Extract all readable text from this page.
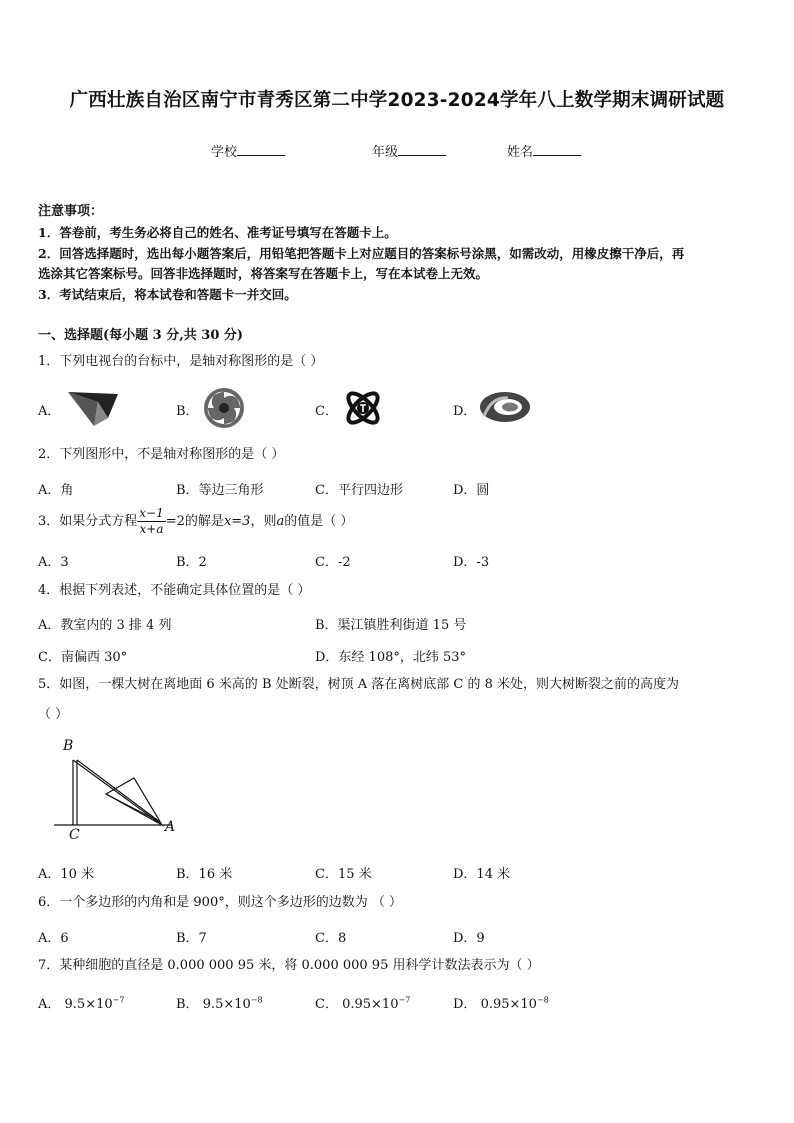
广西壮族自治区南宁市青秀区第二中学2023-2024学年八上数学期末调研试题
学校	年级	姓名
注意事项：
1．答卷前，考生务必将自己的姓名、准考证号填写在答题卡上。
2．回答选择题时，选出每小题答案后，用铅笔把答题卡上对应题目的答案标号涂黑，如需改动，用橡皮擦干净后，再
选涂其它答案标号。回答非选择题时，将答案写在答题卡上，写在本试卷上无效。
3．考试结束后，将本试卷和答题卡一并交回。
一、选择题(每小题 3 分,共 30 分)
1．下列电视台的台标中，是轴对称图形的是（ ）
A．	B．	C．	D．
2．下列图形中，不是轴对称图形的是（ ）
A．角	B．等边三角形	C．平行四边形	D．圆
3．如果分式方程 $\frac{x-1}{x+a} =2$的解是x=3，则a的值是（ ）
A．3	B．2	C．-2	D．-3
4．根据下列表述，不能确定具体位置的是（ ）
A．教室内的 3 排 4 列	B．渠江镇胜利街道 15 号
C．南偏西 30°	D．东经 108°，北纬 53°
5．如图，一棵大树在离地面 6 米高的 B 处断裂，树顶 A 落在离树底部 C 的 8 米处，则大树断裂之前的高度为
（ ）
B
C	A
A．10 米	B．16 米	C．15 米	D．14 米
6．一个多边形的内角和是 900°，则这个多边形的边数为 （ ）
A．6	B．7	C．8	D．9
7．某种细胞的直径是 0.000 000 95 米，将 0.000 000 95 用科学计数法表示为（ ）
A． $9.5\times 10^{-7}$	B． $9.5\times 10^{-8}$	C． $0.95\times 10^{-7}$	D． $0.95\times 10^{-8}$
